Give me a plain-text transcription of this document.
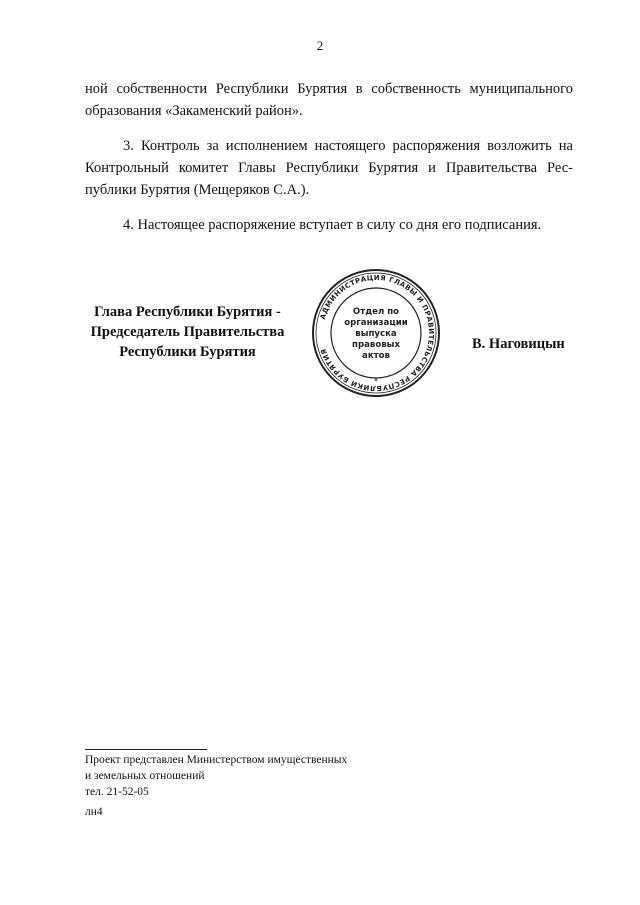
2
ной собственности Республики Бурятия в собственность муниципального
образования «Закаменский район».
3. Контроль за исполнением настоящего распоряжения возложить на
Контрольный комитет Главы Республики Бурятия и Правительства Рес-
публики Бурятия (Мещеряков С.А.).
4. Настоящее распоряжение вступает в силу со дня его подписания.
Глава Республики Бурятия -
Председатель Правительства
Республики Бурятия
АДМИНИСТРАЦИЯ ГЛАВЫ И ПРАВИТЕЛЬСТВА РЕСПУБЛИКИ БУРЯТИЯ
*
Отдел по
организации
выпуска
правовых
актов
В. Наговицын
Проект представлен Министерством имущественных
и земельных отношений
тел. 21-52-05
лн4
